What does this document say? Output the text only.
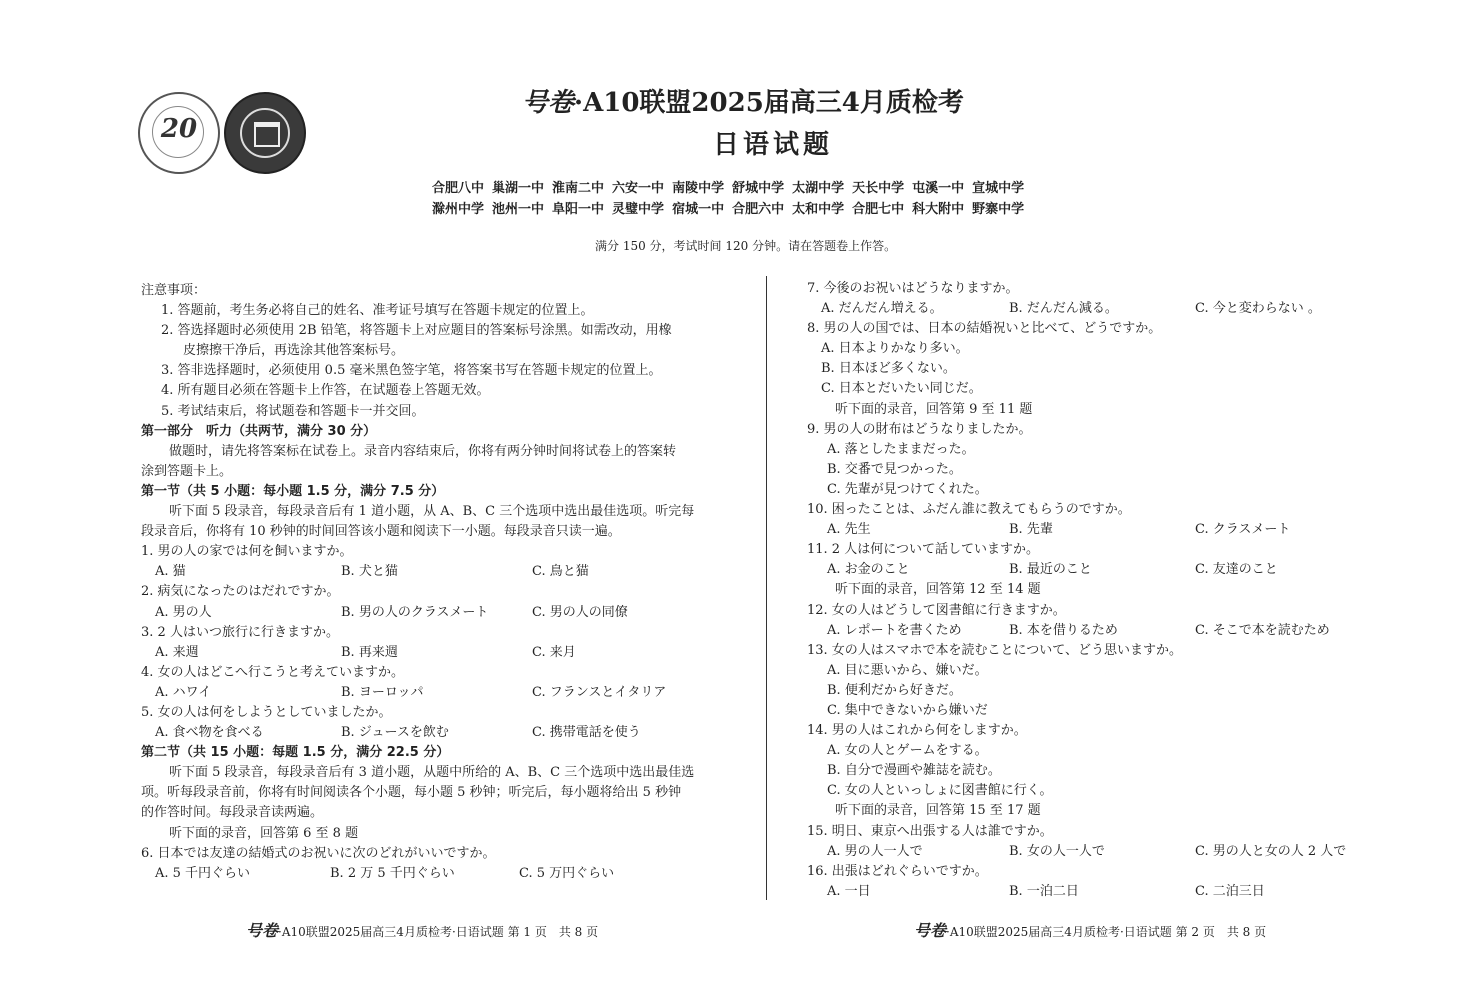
20
号卷·A10联盟2025届高三4月质检考
日语试题
合肥八中 巢湖一中 淮南二中 六安一中 南陵中学 舒城中学 太湖中学 天长中学 屯溪一中 宣城中学
滁州中学 池州一中 阜阳一中 灵璧中学 宿城一中 合肥六中 太和中学 合肥七中 科大附中 野寨中学
满分 150 分，考试时间 120 分钟。请在答题卷上作答。
注意事项：
1. 答题前，考生务必将自己的姓名、准考证号填写在答题卡规定的位置上。
2. 答选择题时必须使用 2B 铅笔，将答题卡上对应题目的答案标号涂黑。如需改动，用橡
皮擦擦干净后，再选涂其他答案标号。
3. 答非选择题时，必须使用 0.5 毫米黑色签字笔，将答案书写在答题卡规定的位置上。
4. 所有题目必须在答题卡上作答，在试题卷上答题无效。
5. 考试结束后，将试题卷和答题卡一并交回。
第一部分　听力（共两节，满分 30 分）
做题时，请先将答案标在试卷上。录音内容结束后，你将有两分钟时间将试卷上的答案转
涂到答题卡上。
第一节（共 5 小题：每小题 1.5 分，满分 7.5 分）
听下面 5 段录音，每段录音后有 1 道小题，从 A、B、C 三个选项中选出最佳选项。听完每
段录音后，你将有 10 秒钟的时间回答该小题和阅读下一小题。每段录音只读一遍。
1. 男の人の家では何を飼いますか。
A. 猫	B. 犬と猫	C. 鳥と猫
2. 病気になったのはだれですか。
A. 男の人	B. 男の人のクラスメート	C. 男の人の同僚
3. 2 人はいつ旅行に行きますか。
A. 来週	B. 再来週	C. 来月
4. 女の人はどこへ行こうと考えていますか。
A. ハワイ	B. ヨーロッパ	C. フランスとイタリア
5. 女の人は何をしようとしていましたか。
A. 食べ物を食べる	B. ジュースを飲む	C. 携帯電話を使う
第二节（共 15 小题：每题 1.5 分，满分 22.5 分）
听下面 5 段录音，每段录音后有 3 道小题，从题中所给的 A、B、C 三个选项中选出最佳选
项。听每段录音前，你将有时间阅读各个小题，每小题 5 秒钟；听完后，每小题将给出 5 秒钟
的作答时间。每段录音读两遍。
听下面的录音，回答第 6 至 8 题
6. 日本では友達の結婚式のお祝いに次のどれがいいですか。
A. 5 千円ぐらい	B. 2 万 5 千円ぐらい	C. 5 万円ぐらい
7. 今後のお祝いはどうなりますか。
A. だんだん増える。	B. だんだん減る。	C. 今と変わらない 。
8. 男の人の国では、日本の結婚祝いと比べて、どうですか。
A. 日本よりかなり多い。
B. 日本ほど多くない。
C. 日本とだいたい同じだ。
听下面的录音，回答第 9 至 11 题
9. 男の人の財布はどうなりましたか。
A. 落としたままだった。
B. 交番で見つかった。
C. 先輩が見つけてくれた。
10. 困ったことは、ふだん誰に教えてもらうのですか。
A. 先生	B. 先輩	C. クラスメート
11. 2 人は何について話していますか。
A. お金のこと	B. 最近のこと	C. 友達のこと
听下面的录音，回答第 12 至 14 题
12. 女の人はどうして図書館に行きますか。
A. レポートを書くため	B. 本を借りるため	C. そこで本を読むため
13. 女の人はスマホで本を読むことについて、どう思いますか。
A. 目に悪いから、嫌いだ。
B. 便利だから好きだ。
C. 集中できないから嫌いだ
14. 男の人はこれから何をしますか。
A. 女の人とゲームをする。
B. 自分で漫画や雑誌を読む。
C. 女の人といっしょに図書館に行く。
听下面的录音，回答第 15 至 17 题
15. 明日、東京へ出張する人は誰ですか。
A. 男の人一人で	B. 女の人一人で	C. 男の人と女の人 2 人で
16. 出張はどれぐらいですか。
A. 一日	B. 一泊二日	C. 二泊三日
号卷·A10联盟2025届高三4月质检考·日语试题 第 1 页　共 8 页	号卷·A10联盟2025届高三4月质检考·日语试题 第 2 页　共 8 页
